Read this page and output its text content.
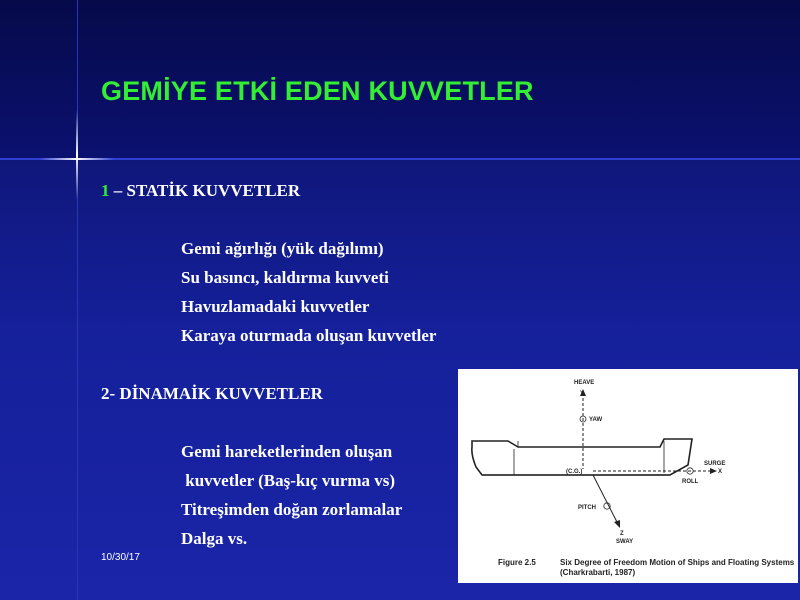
GEMİYE ETKİ EDEN KUVVETLER
1 – STATİK KUVVETLER
Gemi ağırlığı (yük dağılımı)
Su basıncı, kaldırma kuvveti
Havuzlamadaki kuvvetler
Karaya oturmada oluşan kuvvetler
2- DİNAMAİK KUVVETLER
Gemi hareketlerinden oluşan
kuvvetler (Baş-kıç vurma vs)
Titreşimden doğan zorlamalar
Dalga vs.
10/30/17
HEAVE
Y
YAW
(C.G.)
SURGE
X
ROLL
PITCH
Z
SWAY
Figure 2.5	Six Degree of Freedom Motion of Ships and Floating Systems
(Charkrabarti, 1987)
